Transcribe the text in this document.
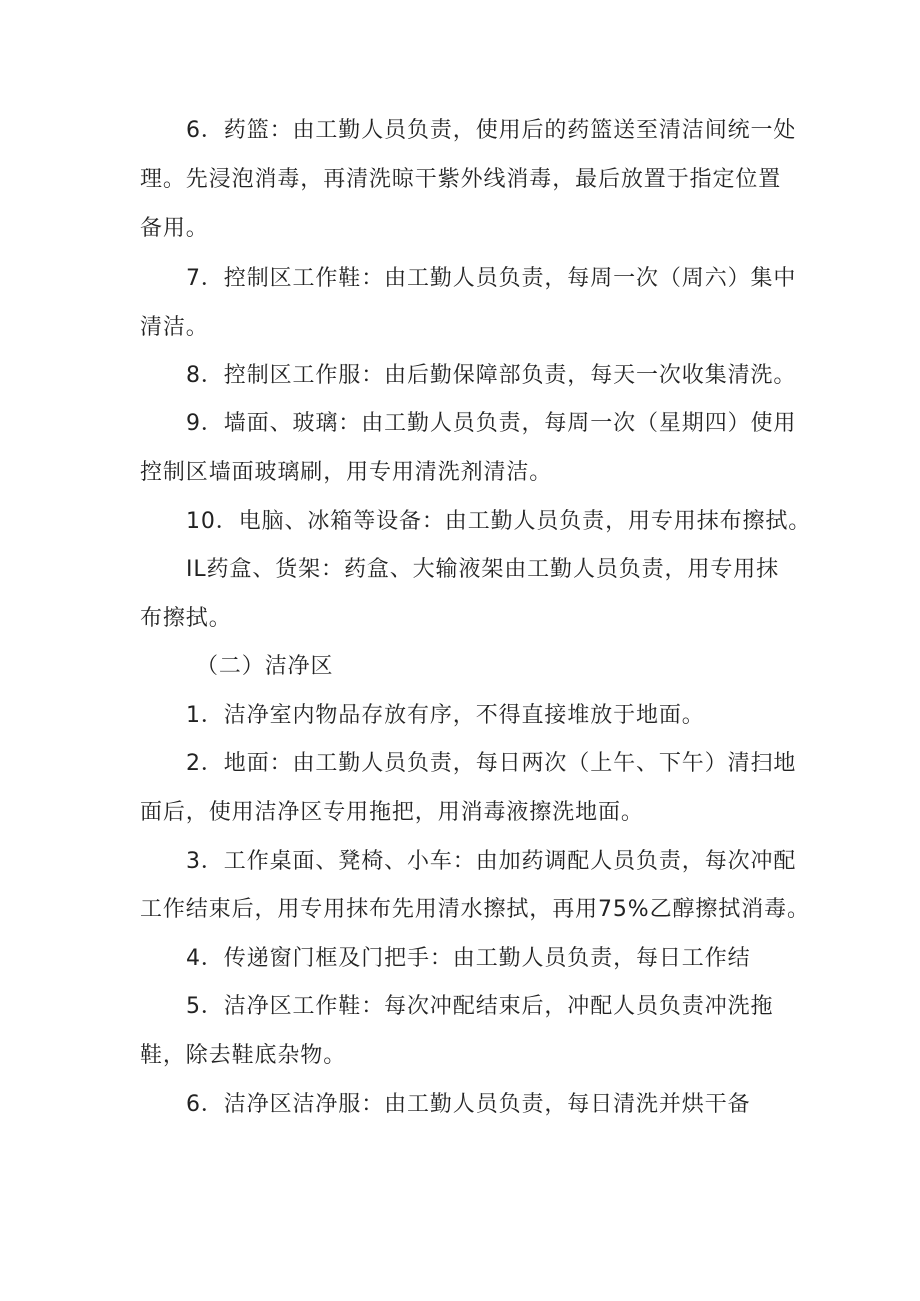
6．药篮：由工勤人员负责，使用后的药篮送至清洁间统一处
理。先浸泡消毒，再清洗晾干紫外线消毒，最后放置于指定位置
备用。
7．控制区工作鞋：由工勤人员负责，每周一次（周六）集中
清洁。
8．控制区工作服：由后勤保障部负责，每天一次收集清洗。
9．墙面、玻璃：由工勤人员负责，每周一次（星期四）使用
控制区墙面玻璃刷，用专用清洗剂清洁。
10．电脑、冰箱等设备：由工勤人员负责，用专用抹布擦拭。
IL药盒、货架：药盒、大输液架由工勤人员负责，用专用抹
布擦拭。
（二）洁净区
1．洁净室内物品存放有序，不得直接堆放于地面。
2．地面：由工勤人员负责，每日两次（上午、下午）清扫地
面后，使用洁净区专用拖把，用消毒液擦洗地面。
3．工作桌面、凳椅、小车：由加药调配人员负责，每次冲配
工作结束后，用专用抹布先用清水擦拭，再用75%乙醇擦拭消毒。
4．传递窗门框及门把手：由工勤人员负责，每日工作结
5．洁净区工作鞋：每次冲配结束后，冲配人员负责冲洗拖
鞋，除去鞋底杂物。
6．洁净区洁净服：由工勤人员负责，每日清洗并烘干备
